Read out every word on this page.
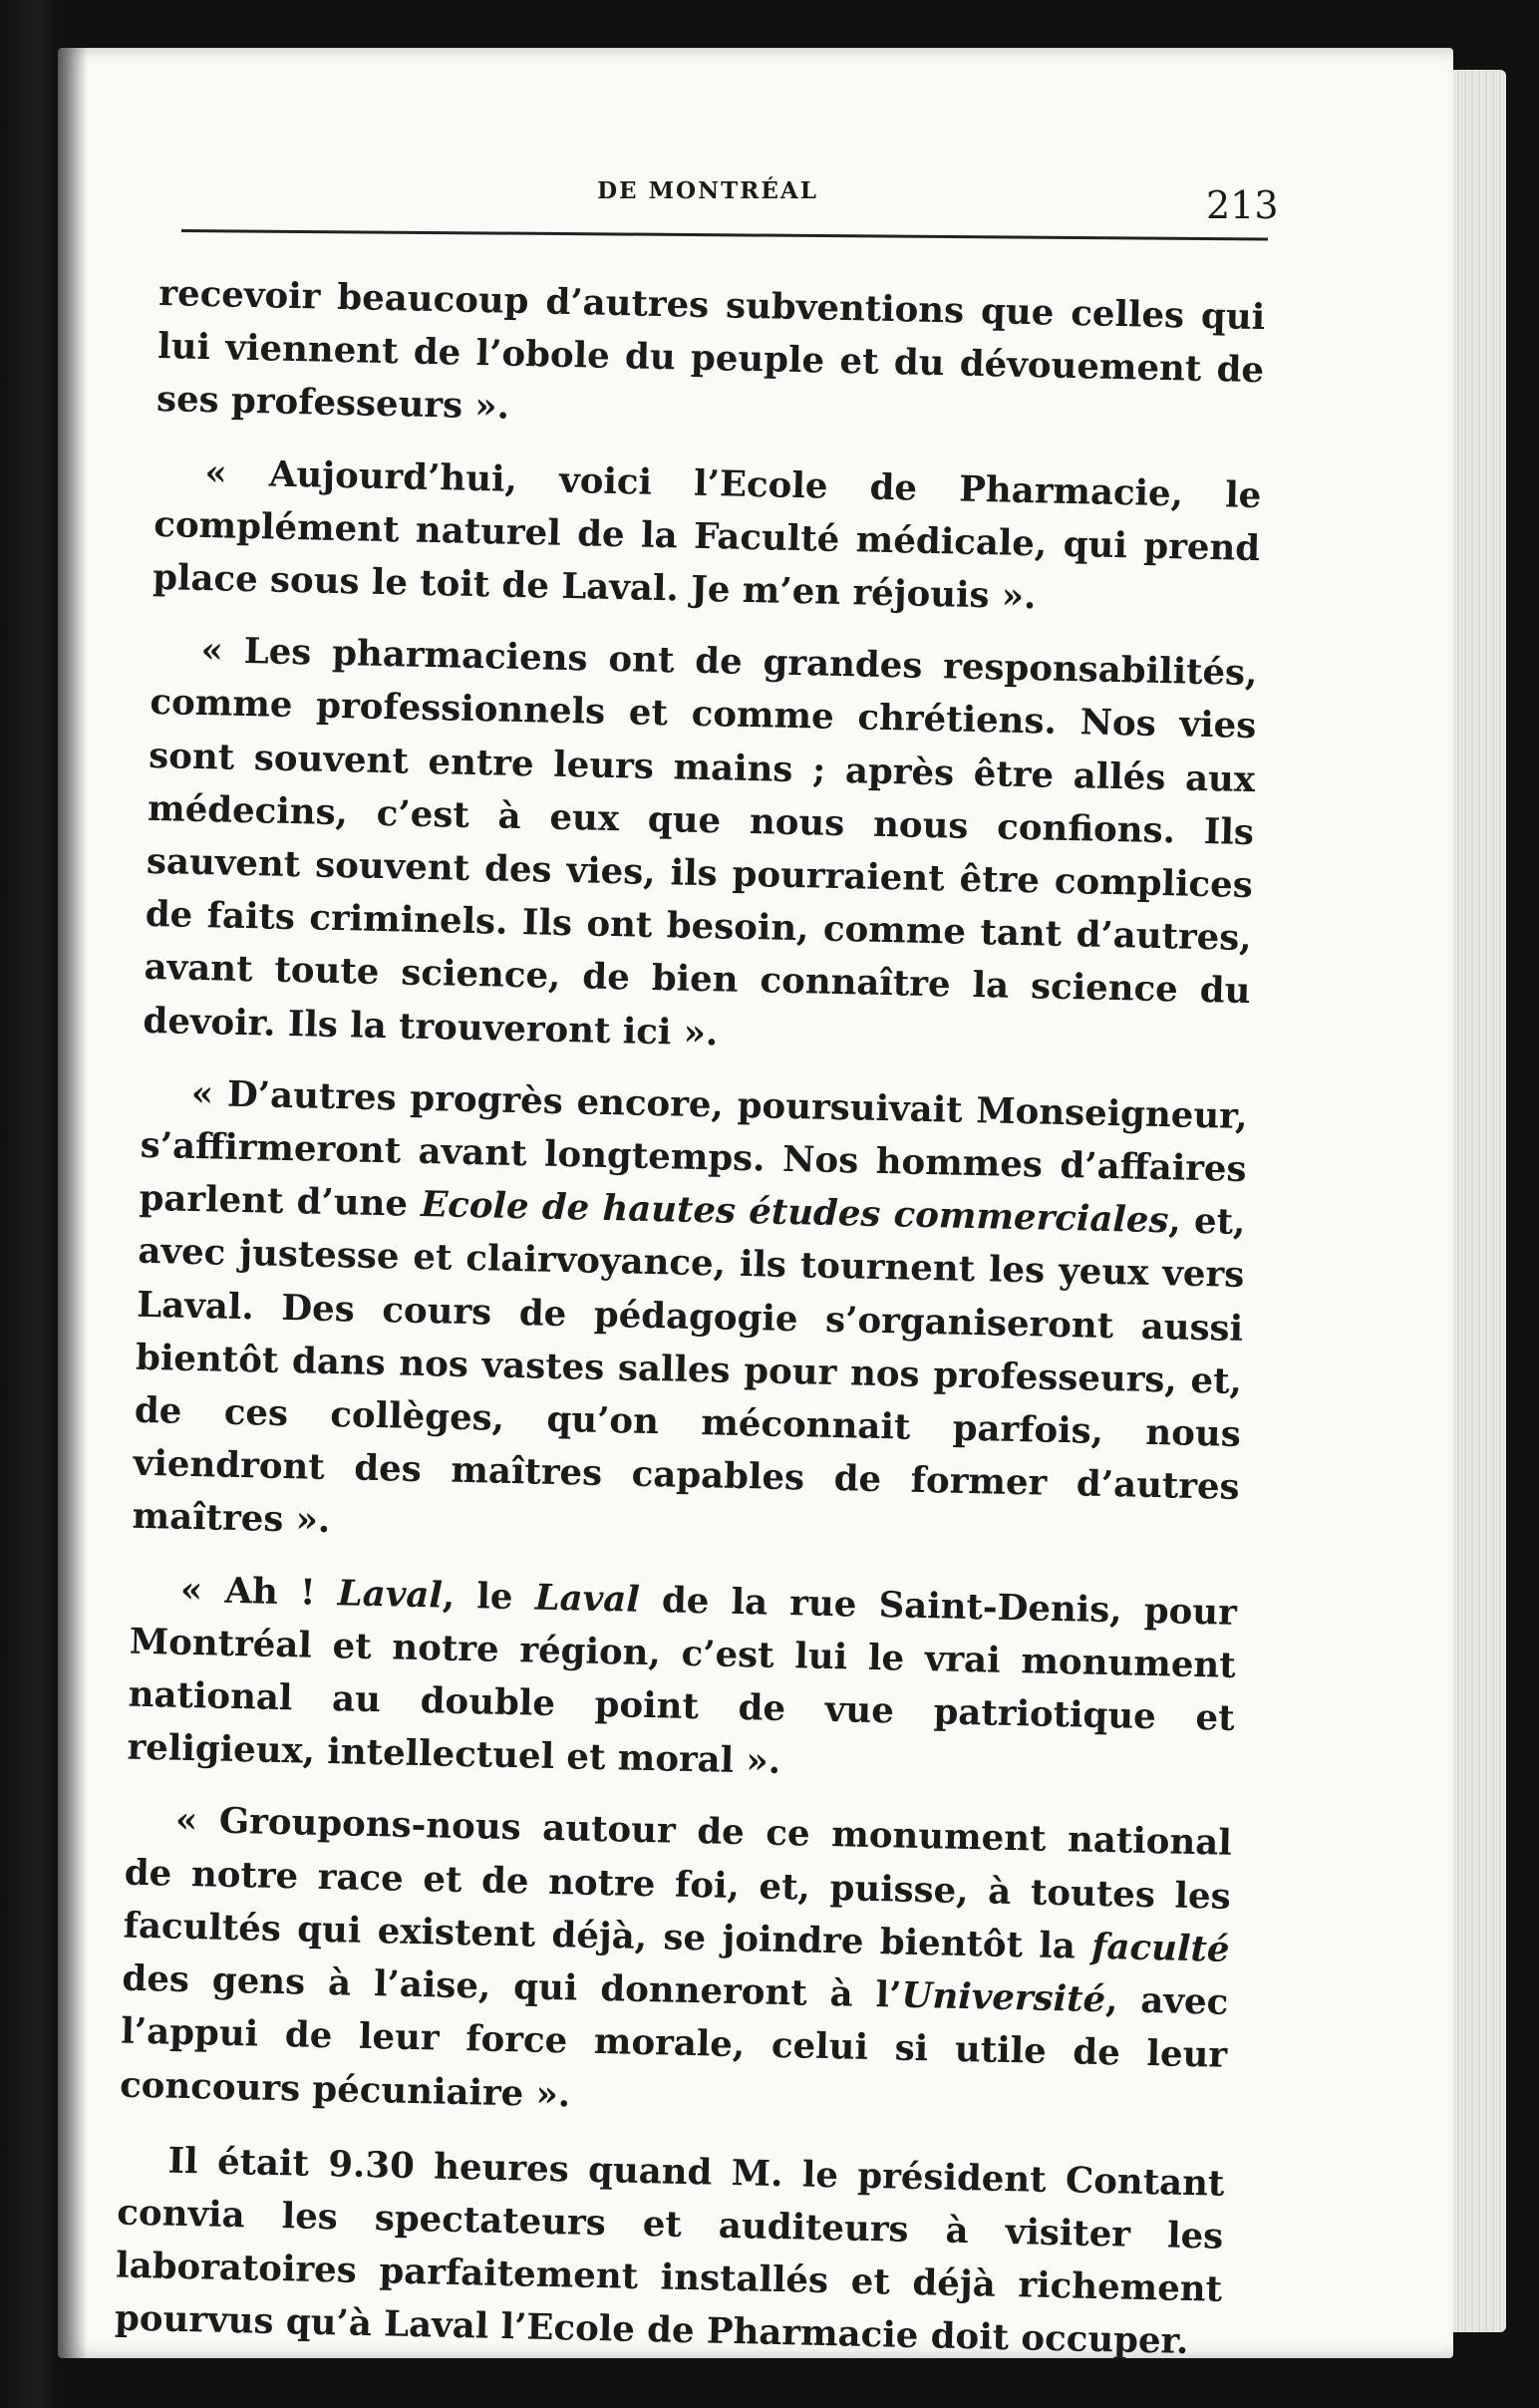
DE MONTRÉAL	213

recevoir beaucoup d’autres subventions que celles qui lui viennent de l’obole du peuple et du dévouement de ses professeurs ».

« Aujourd’hui, voici l’Ecole de Pharmacie, le complément naturel de la Faculté médicale, qui prend place sous le toit de Laval. Je m’en réjouis ».

« Les pharmaciens ont de grandes responsabilités, comme professionnels et comme chrétiens. Nos vies sont souvent entre leurs mains ; après être allés aux médecins, c’est à eux que nous nous confions. Ils sauvent souvent des vies, ils pourraient être complices de faits criminels. Ils ont besoin, comme tant d’autres, avant toute science, de bien connaître la science du devoir. Ils la trouveront ici ».

« D’autres progrès encore, poursuivait Monseigneur, s’affirmeront avant longtemps. Nos hommes d’affaires parlent d’une Ecole de hautes études commerciales, et, avec justesse et clairvoyance, ils tournent les yeux vers Laval. Des cours de pédagogie s’organiseront aussi bientôt dans nos vastes salles pour nos professeurs, et, de ces collèges, qu’on méconnait parfois, nous viendront des maîtres capables de former d’autres maîtres ».

« Ah ! Laval, le Laval de la rue Saint-Denis, pour Montréal et notre région, c’est lui le vrai monument national au double point de vue patriotique et religieux, intellectuel et moral ».

« Groupons-nous autour de ce monument national de notre race et de notre foi, et, puisse, à toutes les facultés qui existent déjà, se joindre bientôt la faculté des gens à l’aise, qui donneront à l’Université, avec l’appui de leur force morale, celui si utile de leur concours pécuniaire ».

Il était 9.30 heures quand M. le président Contant convia les spectateurs et auditeurs à visiter les laboratoires parfaitement installés et déjà richement pourvus qu’à Laval l’Ecole de Pharmacie doit occuper.
